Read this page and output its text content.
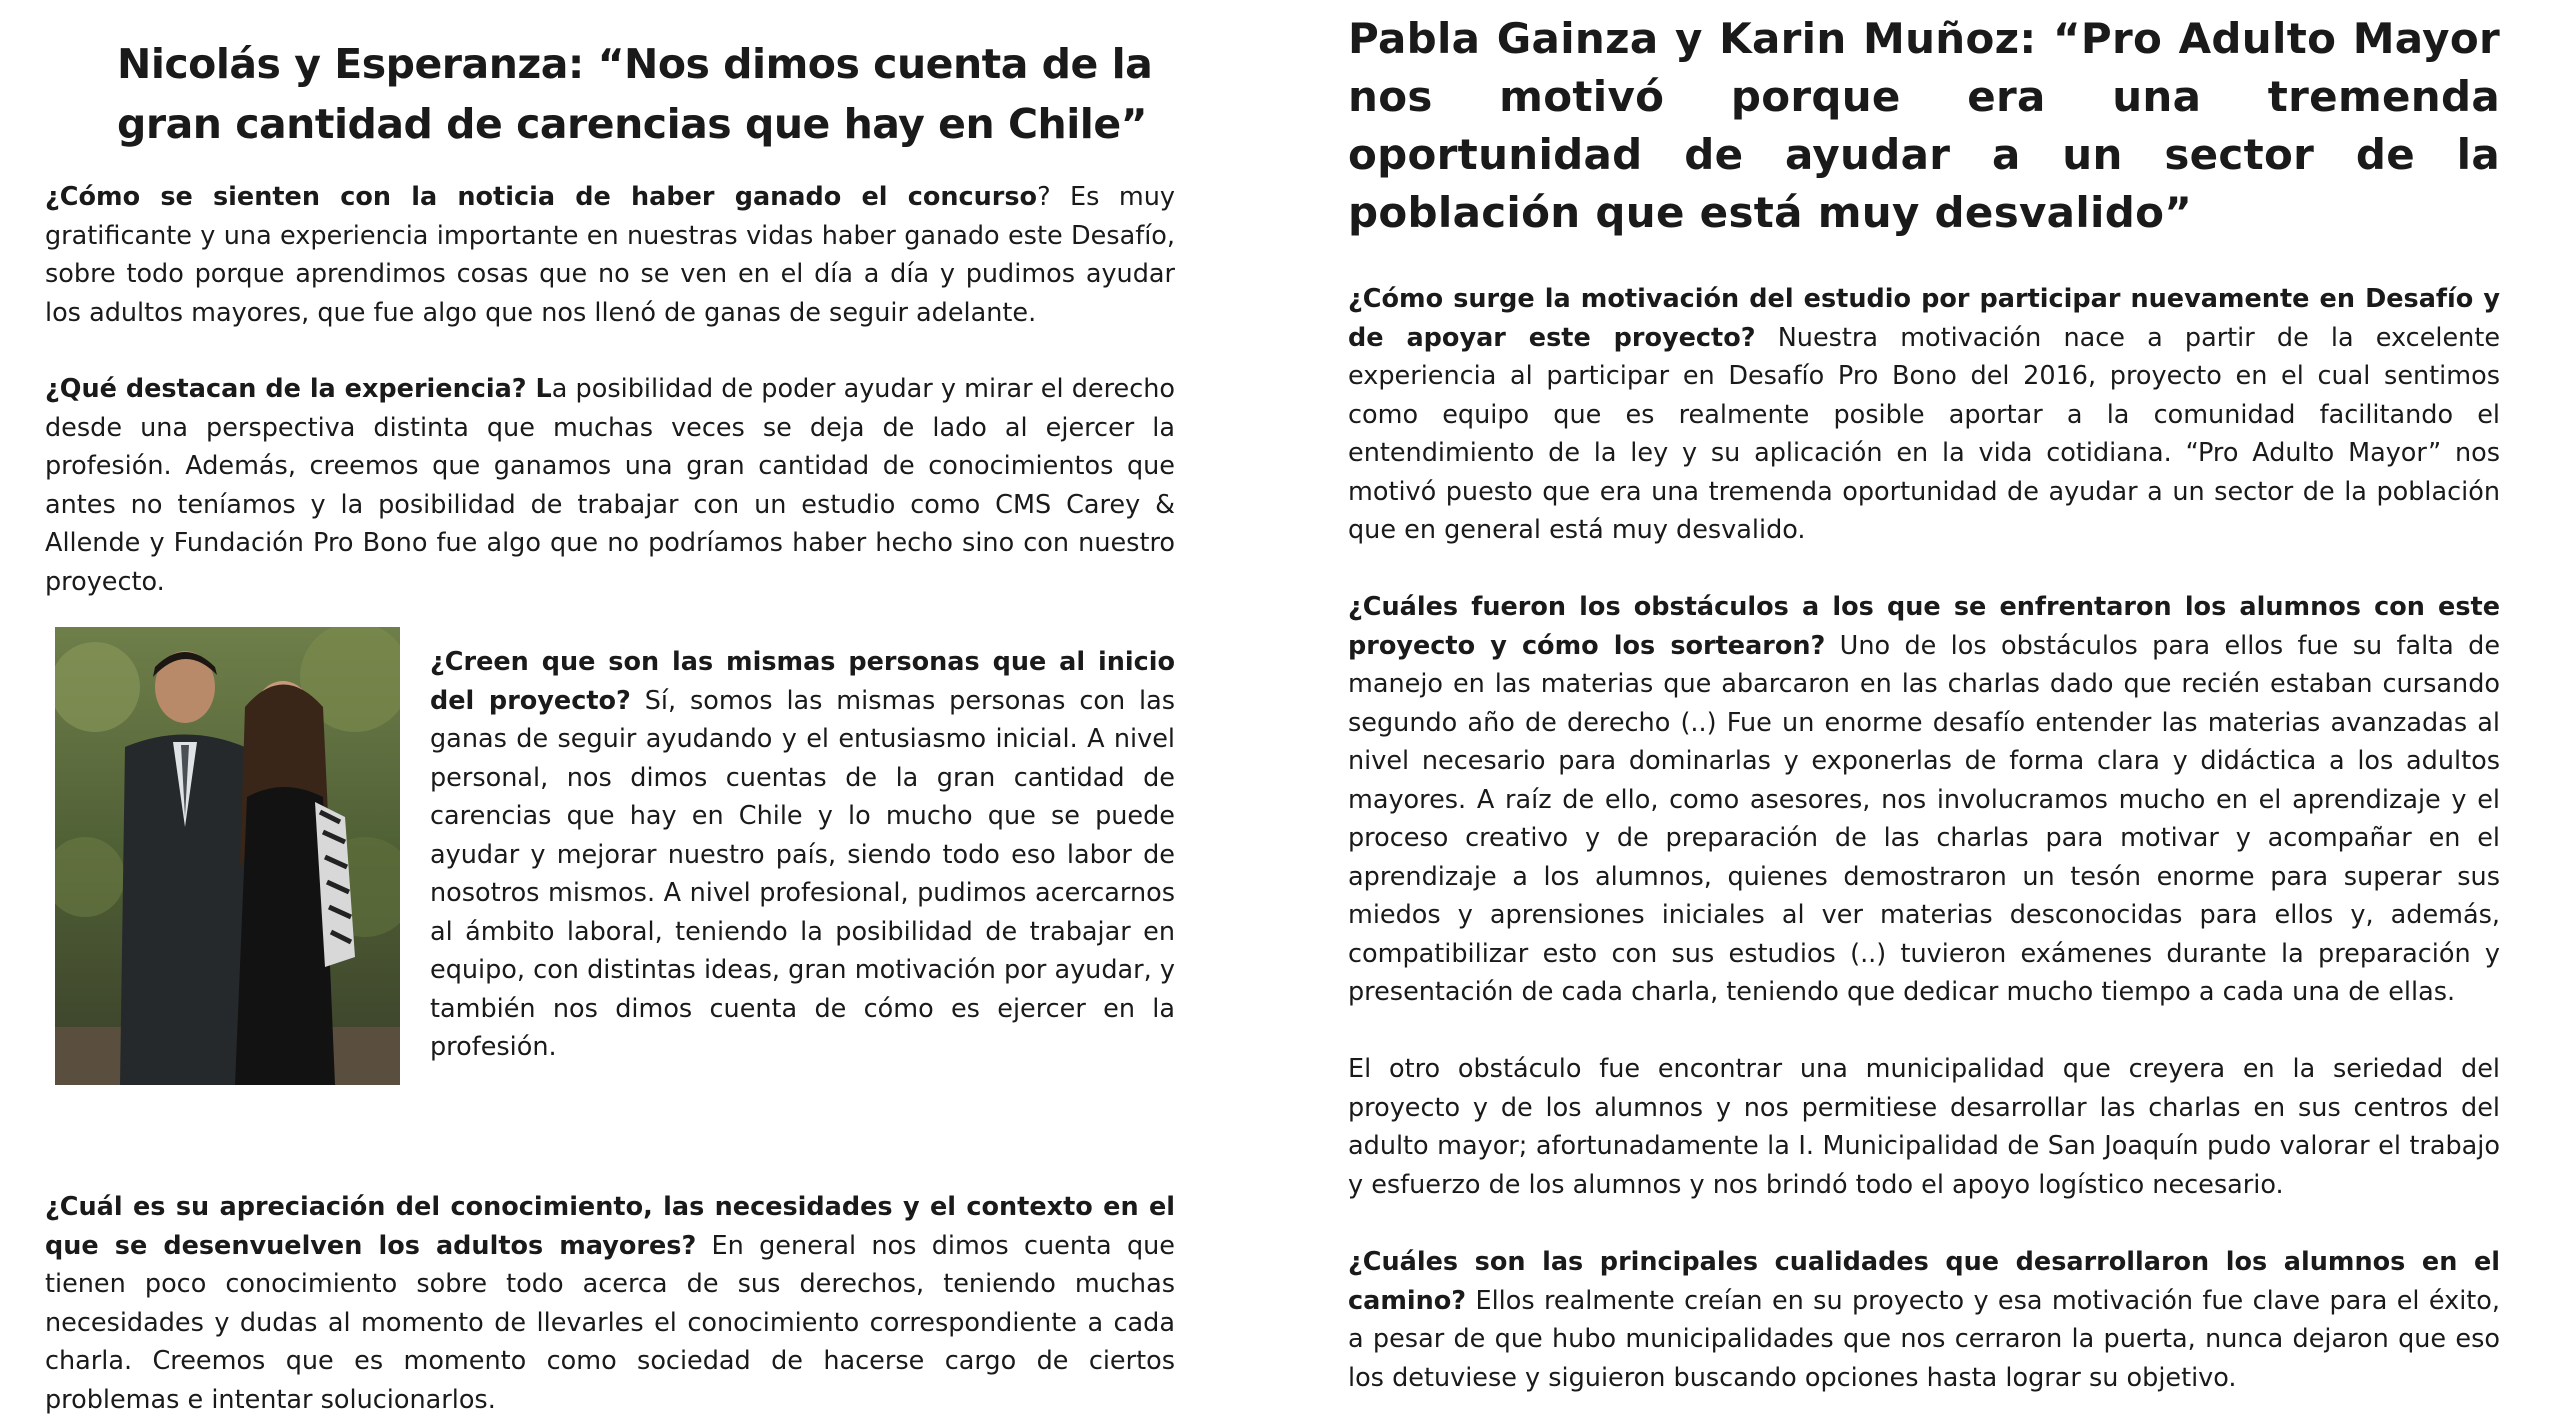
Nicolás y Esperanza: “Nos dimos cuenta de la gran cantidad de carencias que hay en Chile”

¿Cómo se sienten con la noticia de haber ganado el concurso? Es muy gratificante y una experiencia importante en nuestras vidas haber ganado este Desafío, sobre todo porque aprendimos cosas que no se ven en el día a día y pudimos ayudar los adultos mayores, que fue algo que nos llenó de ganas de seguir adelante.

¿Qué destacan de la experiencia? La posibilidad de poder ayudar y mirar el derecho desde una perspectiva distinta que muchas veces se deja de lado al ejercer la profesión. Además, creemos que ganamos una gran cantidad de conocimientos que antes no teníamos y la posibilidad de trabajar con un estudio como CMS Carey & Allende y Fundación Pro Bono fue algo que no podríamos haber hecho sino con nuestro proyecto.

¿Creen que son las mismas personas que al inicio del proyecto? Sí, somos las mismas personas con las ganas de seguir ayudando y el entusiasmo inicial. A nivel personal, nos dimos cuentas de la gran cantidad de carencias que hay en Chile y lo mucho que se puede ayudar y mejorar nuestro país, siendo todo eso labor de nosotros mismos. A nivel profesional, pudimos acercarnos al ámbito laboral, teniendo la posibilidad de trabajar en equipo, con distintas ideas, gran motivación por ayudar, y también nos dimos cuenta de cómo es ejercer en la profesión.

¿Cuál es su apreciación del conocimiento, las necesidades y el contexto en el que se desenvuelven los adultos mayores? En general nos dimos cuenta que tienen poco conocimiento sobre todo acerca de sus derechos, teniendo muchas necesidades y dudas al momento de llevarles el conocimiento correspondiente a cada charla. Creemos que es momento como sociedad de hacerse cargo de ciertos problemas e intentar solucionarlos.

Pabla Gainza y Karin Muñoz: “Pro Adulto Mayor nos motivó porque era una tremenda oportunidad de ayudar a un sector de la población que está muy desvalido”

¿Cómo surge la motivación del estudio por participar nuevamente en Desafío y de apoyar este proyecto? Nuestra motivación nace a partir de la excelente experiencia al participar en Desafío Pro Bono del 2016, proyecto en el cual sentimos como equipo que es realmente posible aportar a la comunidad facilitando el entendimiento de la ley y su aplicación en la vida cotidiana. “Pro Adulto Mayor” nos motivó puesto que era una tremenda oportunidad de ayudar a un sector de la población que en general está muy desvalido.

¿Cuáles fueron los obstáculos a los que se enfrentaron los alumnos con este proyecto y cómo los sortearon? Uno de los obstáculos para ellos fue su falta de manejo en las materias que abarcaron en las charlas dado que recién estaban cursando segundo año de derecho (..) Fue un enorme desafío entender las materias avanzadas al nivel necesario para dominarlas y exponerlas de forma clara y didáctica a los adultos mayores. A raíz de ello, como asesores, nos involucramos mucho en el aprendizaje y el proceso creativo y de preparación de las charlas para motivar y acompañar en el aprendizaje a los alumnos, quienes demostraron un tesón enorme para superar sus miedos y aprensiones iniciales al ver materias desconocidas para ellos y, además, compatibilizar esto con sus estudios (..) tuvieron exámenes durante la preparación y presentación de cada charla, teniendo que dedicar mucho tiempo a cada una de ellas.

El otro obstáculo fue encontrar una municipalidad que creyera en la seriedad del proyecto y de los alumnos y nos permitiese desarrollar las charlas en sus centros del adulto mayor; afortunadamente la I. Municipalidad de San Joaquín pudo valorar el trabajo y esfuerzo de los alumnos y nos brindó todo el apoyo logístico necesario.

¿Cuáles son las principales cualidades que desarrollaron los alumnos en el camino? Ellos realmente creían en su proyecto y esa motivación fue clave para el éxito, a pesar de que hubo municipalidades que nos cerraron la puerta, nunca dejaron que eso los detuviese y siguieron buscando opciones hasta lograr su objetivo.
